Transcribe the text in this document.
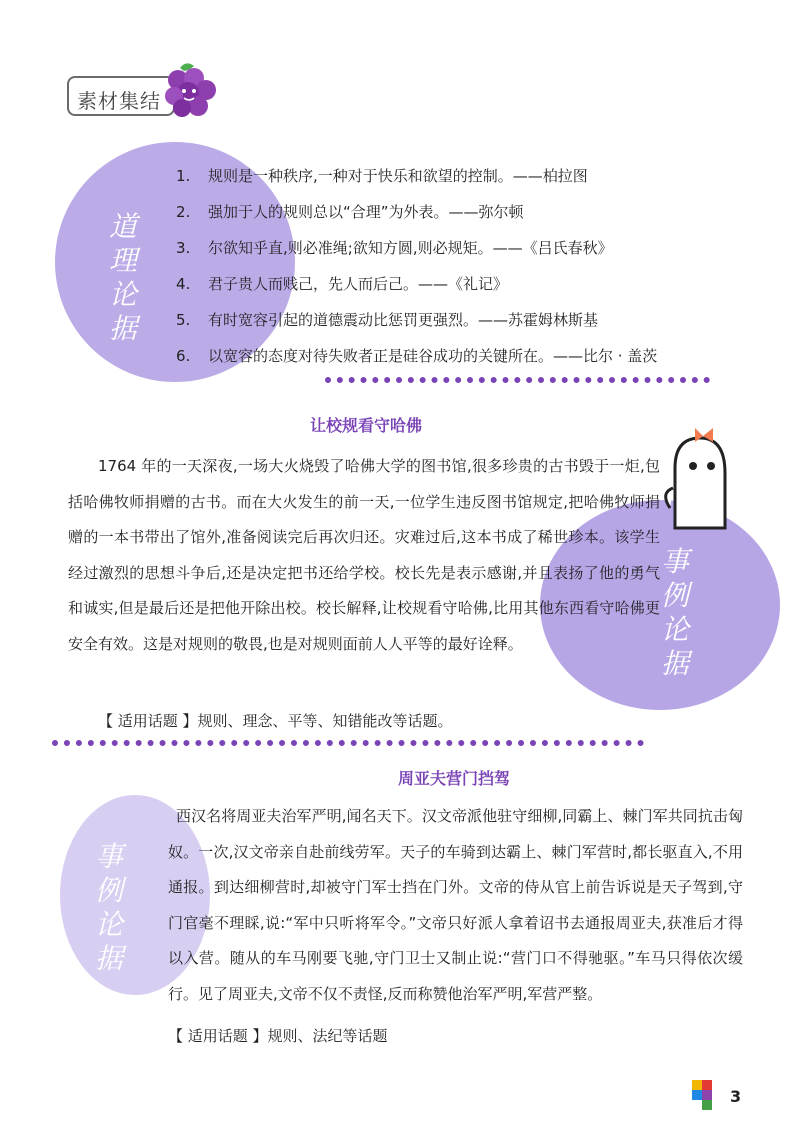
素材集结
道理论据
1.	规则是一种秩序,一种对于快乐和欲望的控制。——柏拉图
2.	强加于人的规则总以“合理”为外表。——弥尔顿
3.	尔欲知乎直,则必准绳;欲知方圆,则必规矩。——《吕氏春秋》
4.	君子贵人而贱己，先人而后己。——《礼记》
5.	有时宽容引起的道德震动比惩罚更强烈。——苏霍姆林斯基
6.	以宽容的态度对待失败者正是硅谷成功的关键所在。——比尔 · 盖茨
事例论据
让校规看守哈佛

1764 年的一天深夜,一场大火烧毁了哈佛大学的图书馆,很多珍贵的古书毁于一炬,包括哈佛牧师捐赠的古书。而在大火发生的前一天,一位学生违反图书馆规定,把哈佛牧师捐赠的一本书带出了馆外,准备阅读完后再次归还。灾难过后,这本书成了稀世珍本。该学生经过激烈的思想斗争后,还是决定把书还给学校。校长先是表示感谢,并且表扬了他的勇气和诚实,但是最后还是把他开除出校。校长解释,让校规看守哈佛,比用其他东西看守哈佛更安全有效。这是对规则的敬畏,也是对规则面前人人平等的最好诠释。

【 适用话题 】规则、理念、平等、知错能改等话题。
事例论据
周亚夫营门挡驾

西汉名将周亚夫治军严明,闻名天下。汉文帝派他驻守细柳,同霸上、棘门军共同抗击匈奴。一次,汉文帝亲自赴前线劳军。天子的车骑到达霸上、棘门军营时,都长驱直入,不用通报。到达细柳营时,却被守门军士挡在门外。文帝的侍从官上前告诉说是天子驾到,守门官毫不理睬,说:“军中只听将军令。”文帝只好派人拿着诏书去通报周亚夫,获准后才得以入营。随从的车马刚要飞驰,守门卫士又制止说:“营门口不得驰驱。”车马只得依次缓行。见了周亚夫,文帝不仅不责怪,反而称赞他治军严明,军营严整。

【 适用话题 】规则、法纪等话题
3
